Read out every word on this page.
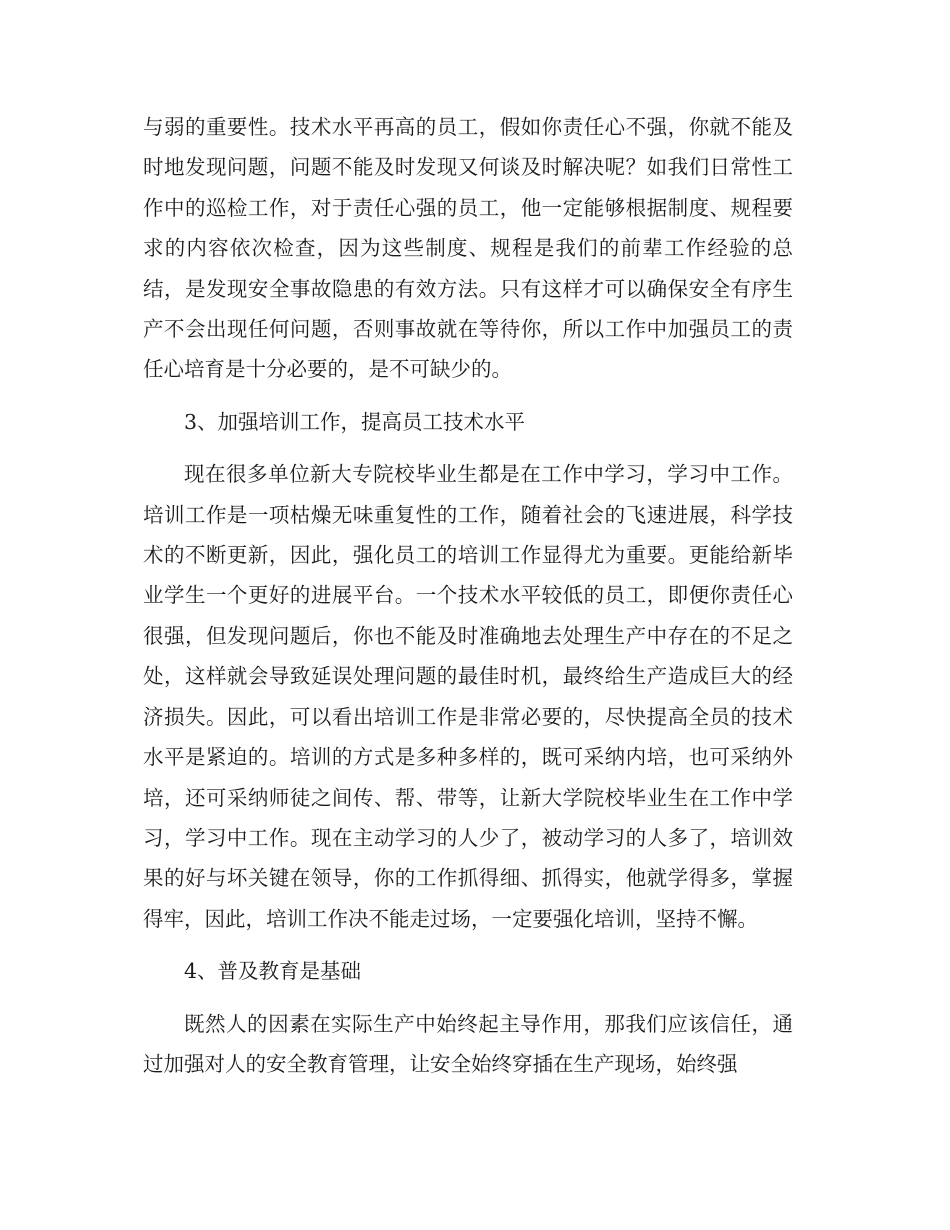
与弱的重要性。技术水平再高的员工，假如你责任心不强，你就不能及时地发现问题，问题不能及时发现又何谈及时解决呢？如我们日常性工作中的巡检工作，对于责任心强的员工，他一定能够根据制度、规程要求的内容依次检查，因为这些制度、规程是我们的前辈工作经验的总结，是发现安全事故隐患的有效方法。只有这样才可以确保安全有序生产不会出现任何问题，否则事故就在等待你，所以工作中加强员工的责任心培育是十分必要的，是不可缺少的。

3、加强培训工作，提高员工技术水平

现在很多单位新大专院校毕业生都是在工作中学习，学习中工作。培训工作是一项枯燥无味重复性的工作，随着社会的飞速进展，科学技术的不断更新，因此，强化员工的培训工作显得尤为重要。更能给新毕业学生一个更好的进展平台。一个技术水平较低的员工，即便你责任心很强，但发现问题后，你也不能及时准确地去处理生产中存在的不足之处，这样就会导致延误处理问题的最佳时机，最终给生产造成巨大的经济损失。因此，可以看出培训工作是非常必要的，尽快提高全员的技术水平是紧迫的。培训的方式是多种多样的，既可采纳内培，也可采纳外培，还可采纳师徒之间传、帮、带等，让新大学院校毕业生在工作中学习，学习中工作。现在主动学习的人少了，被动学习的人多了，培训效果的好与坏关键在领导，你的工作抓得细、抓得实，他就学得多，掌握得牢，因此，培训工作决不能走过场，一定要强化培训，坚持不懈。

4、普及教育是基础

既然人的因素在实际生产中始终起主导作用，那我们应该信任，通过加强对人的安全教育管理，让安全始终穿插在生产现场，始终强
